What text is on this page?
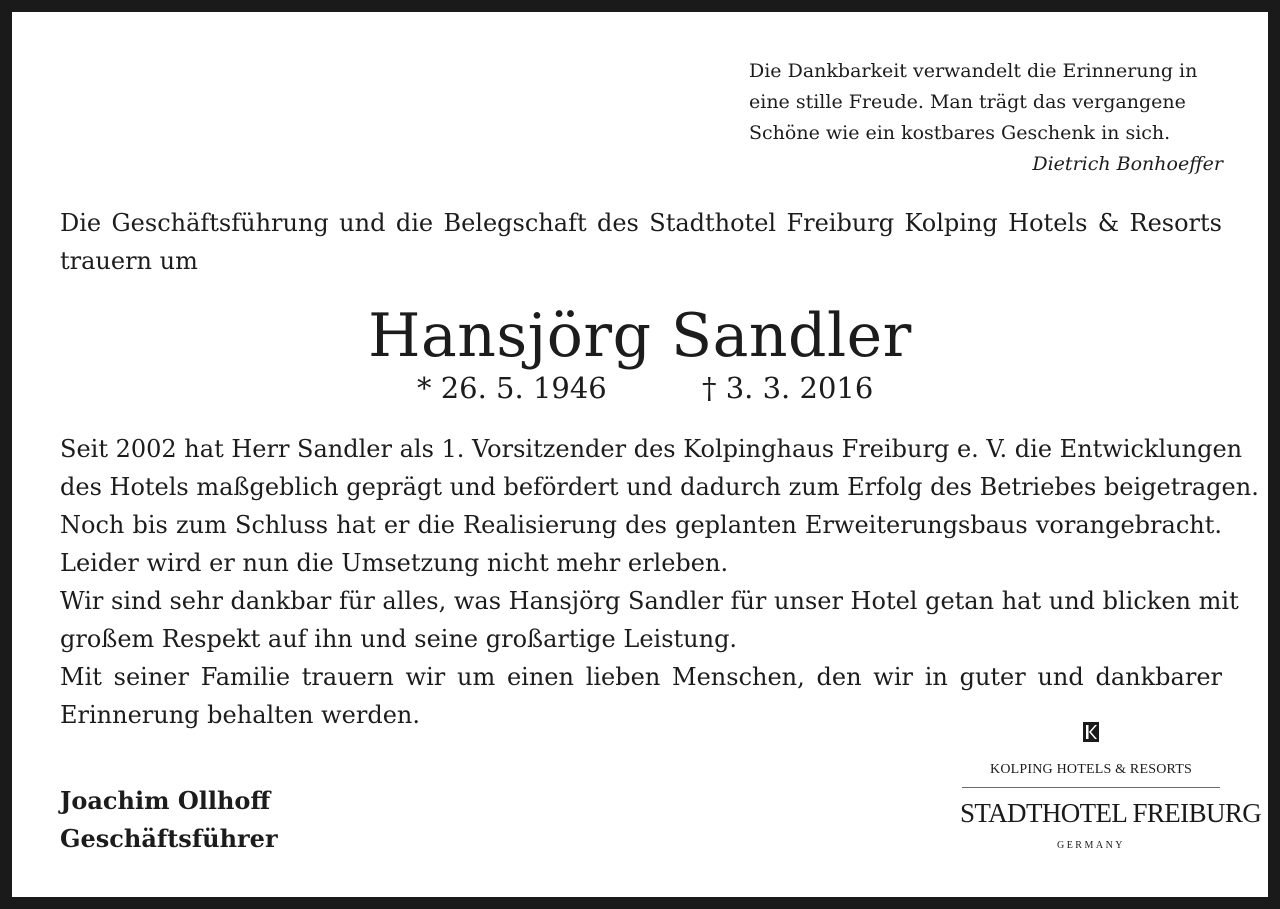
Die Dankbarkeit verwandelt die Erinnerung in
eine stille Freude. Man trägt das vergangene
Schöne wie ein kostbares Geschenk in sich.
Dietrich Bonhoeffer
Die Geschäftsführung und die Belegschaft des Stadthotel Freiburg Kolping Hotels & Resorts
trauern um
Hansjörg Sandler
* 26. 5. 1946	† 3. 3. 2016
Seit 2002 hat Herr Sandler als 1. Vorsitzender des Kolpinghaus Freiburg e. V. die Entwicklungen
des Hotels maßgeblich geprägt und befördert und dadurch zum Erfolg des Betriebes beigetragen.
Noch bis zum Schluss hat er die Realisierung des geplanten Erweiterungsbaus vorangebracht.
Leider wird er nun die Umsetzung nicht mehr erleben.
Wir sind sehr dankbar für alles, was Hansjörg Sandler für unser Hotel getan hat und blicken mit
großem Respekt auf ihn und seine großartige Leistung.
Mit seiner Familie trauern wir um einen lieben Menschen, den wir in guter und dankbarer
Erinnerung behalten werden.
Joachim Ollhoff
Geschäftsführer
KOLPING HOTELS & RESORTS
STADTHOTEL FREIBURG
GERMANY
